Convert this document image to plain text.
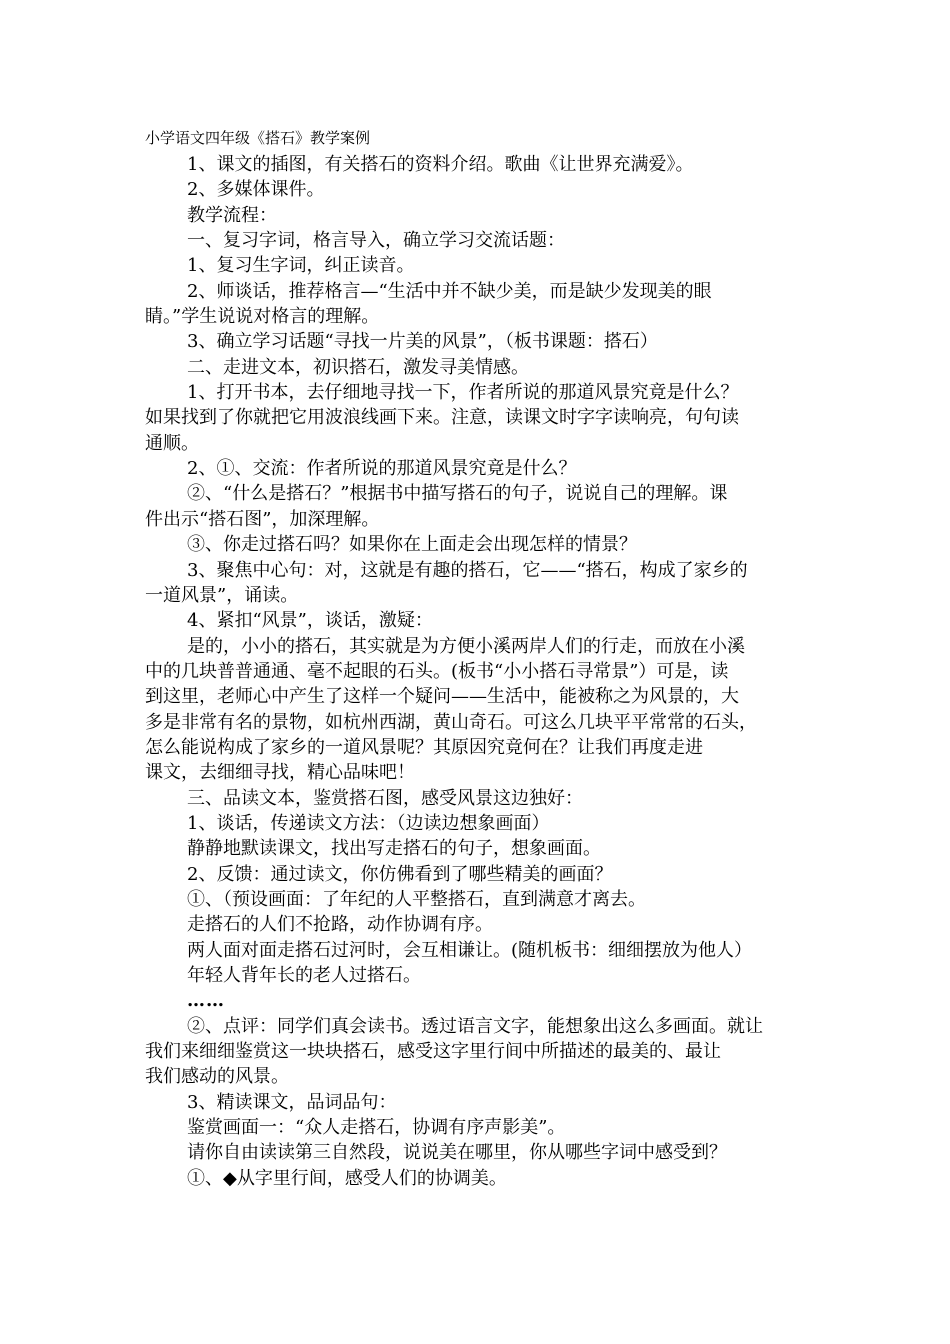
小学语文四年级《搭石》教学案例
1、课文的插图，有关搭石的资料介绍。歌曲《让世界充满爱》。
2、多媒体课件。
教学流程：
一、复习字词，格言导入，确立学习交流话题：
1、复习生字词，纠正读音。
2、师谈话，推荐格言—“生活中并不缺少美，而是缺少发现美的眼
睛。”学生说说对格言的理解。
3、确立学习话题“寻找一片美的风景”，（板书课题：搭石）
二、走进文本，初识搭石，激发寻美情感。
1、打开书本，去仔细地寻找一下，作者所说的那道风景究竟是什么？
如果找到了你就把它用波浪线画下来。注意，读课文时字字读响亮，句句读
通顺。
2、①、交流：作者所说的那道风景究竟是什么？
②、“什么是搭石？”根据书中描写搭石的句子，说说自己的理解。课
件出示“搭石图”，加深理解。
③、你走过搭石吗？如果你在上面走会出现怎样的情景？
3、聚焦中心句：对，这就是有趣的搭石，它——“搭石，构成了家乡的
一道风景”，诵读。
4、紧扣“风景”，谈话，激疑：
是的，小小的搭石，其实就是为方便小溪两岸人们的行走，而放在小溪
中的几块普普通通、毫不起眼的石头。(板书“小小搭石寻常景”）可是，读
到这里，老师心中产生了这样一个疑问——生活中，能被称之为风景的，大
多是非常有名的景物，如杭州西湖，黄山奇石。可这么几块平平常常的石头，
怎么能说构成了家乡的一道风景呢？其原因究竟何在？让我们再度走进
课文，去细细寻找，精心品味吧！
三、品读文本，鉴赏搭石图，感受风景这边独好：
1、谈话，传递读文方法：（边读边想象画面）
静静地默读课文，找出写走搭石的句子，想象画面。
2、反馈：通过读文，你仿佛看到了哪些精美的画面？
①、（预设画面：了年纪的人平整搭石，直到满意才离去。
走搭石的人们不抢路，动作协调有序。
两人面对面走搭石过河时，会互相谦让。(随机板书：细细摆放为他人）
年轻人背年长的老人过搭石。
……
②、点评：同学们真会读书。透过语言文字，能想象出这么多画面。就让
我们来细细鉴赏这一块块搭石，感受这字里行间中所描述的最美的、最让
我们感动的风景。
3、精读课文，品词品句：
鉴赏画面一：“众人走搭石，协调有序声影美”。
请你自由读读第三自然段，说说美在哪里，你从哪些字词中感受到？
①、◆从字里行间，感受人们的协调美。
